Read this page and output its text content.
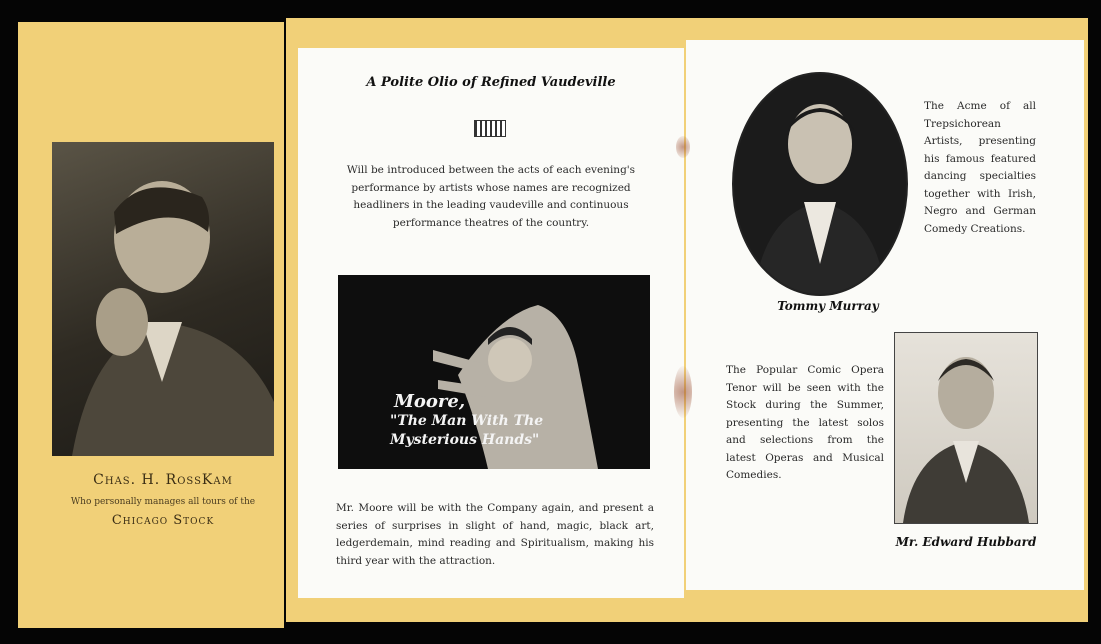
Chas. H. RossKam
Who personally manages all tours of the
Chicago Stock
A Polite Olio of Refined Vaudeville
Will be introduced between the acts of each evening's performance by artists whose names are recognized headliners in the leading vaudeville and continuous performance theatres of the country.
Moore,
"The Man With The
Mysterious Hands"
Mr. Moore will be with the Company again, and present a series of surprises in slight of hand, magic, black art, ledgerdemain, mind reading and Spiritualism, making his third year with the attraction.
The Acme of all Trepsichorean Artists, presenting his famous featured dancing specialties together with Irish, Negro and German Comedy Creations.
Tommy Murray
The Popular Comic Opera Tenor will be seen with the Stock during the Summer, presenting the latest solos and selections from the latest Operas and Musical Comedies.
Mr. Edward Hubbard
